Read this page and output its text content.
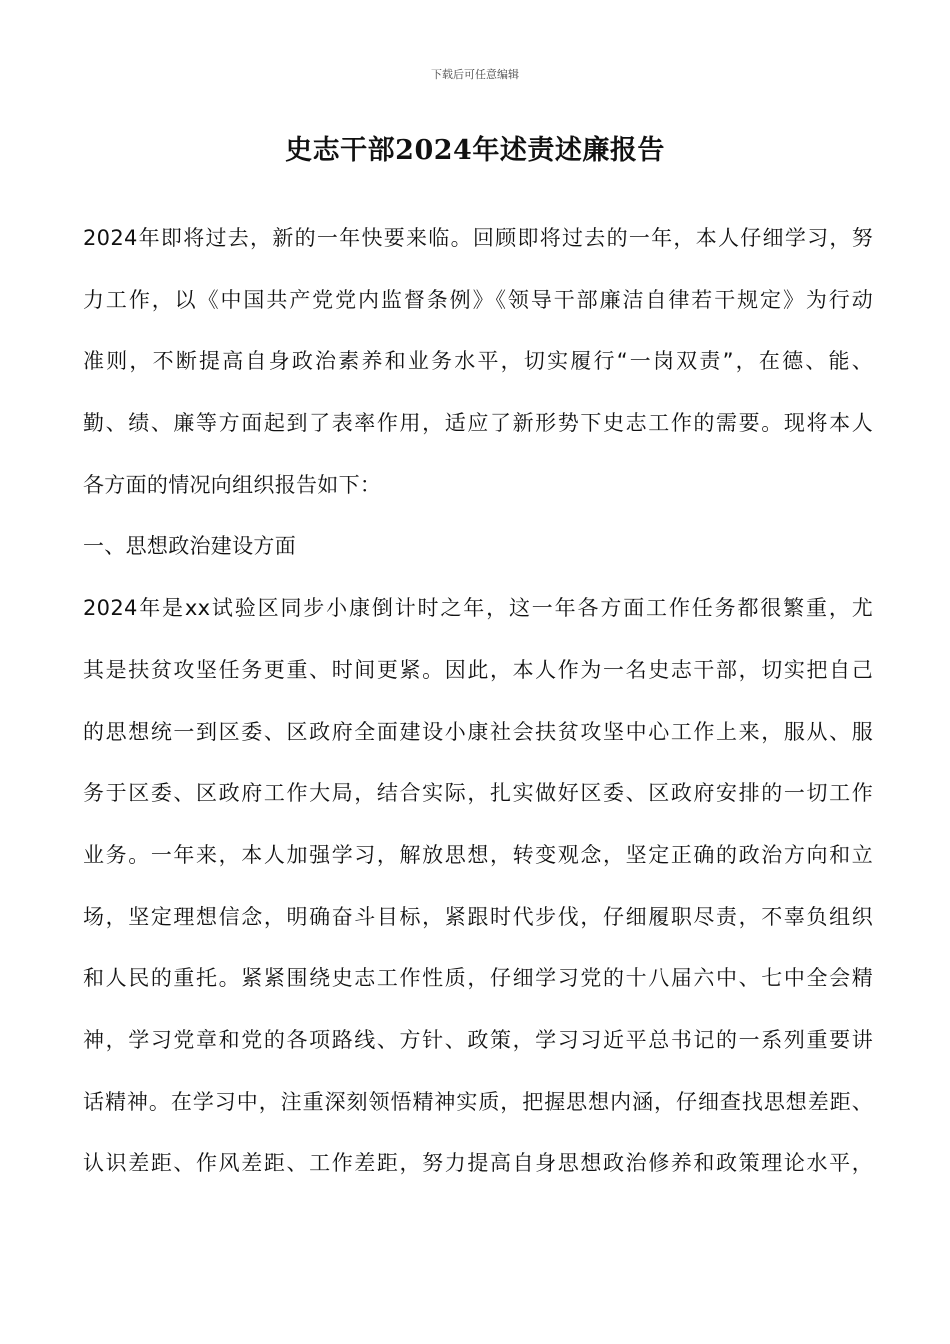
下载后可任意编辑
史志干部2024年述责述廉报告
2024年即将过去，新的一年快要来临。回顾即将过去的一年，本人仔细学习，努
力工作，以《中国共产党党内监督条例》《领导干部廉洁自律若干规定》为行动
准则，不断提高自身政治素养和业务水平，切实履行“一岗双责”，在德、能、
勤、绩、廉等方面起到了表率作用，适应了新形势下史志工作的需要。现将本人
各方面的情况向组织报告如下：
一、思想政治建设方面
2024年是xx试验区同步小康倒计时之年，这一年各方面工作任务都很繁重，尤
其是扶贫攻坚任务更重、时间更紧。因此，本人作为一名史志干部，切实把自己
的思想统一到区委、区政府全面建设小康社会扶贫攻坚中心工作上来，服从、服
务于区委、区政府工作大局，结合实际，扎实做好区委、区政府安排的一切工作
业务。一年来，本人加强学习，解放思想，转变观念，坚定正确的政治方向和立
场，坚定理想信念，明确奋斗目标，紧跟时代步伐，仔细履职尽责，不辜负组织
和人民的重托。紧紧围绕史志工作性质，仔细学习党的十八届六中、七中全会精
神，学习党章和党的各项路线、方针、政策，学习习近平总书记的一系列重要讲
话精神。在学习中，注重深刻领悟精神实质，把握思想内涵，仔细查找思想差距、
认识差距、作风差距、工作差距，努力提高自身思想政治修养和政策理论水平，
